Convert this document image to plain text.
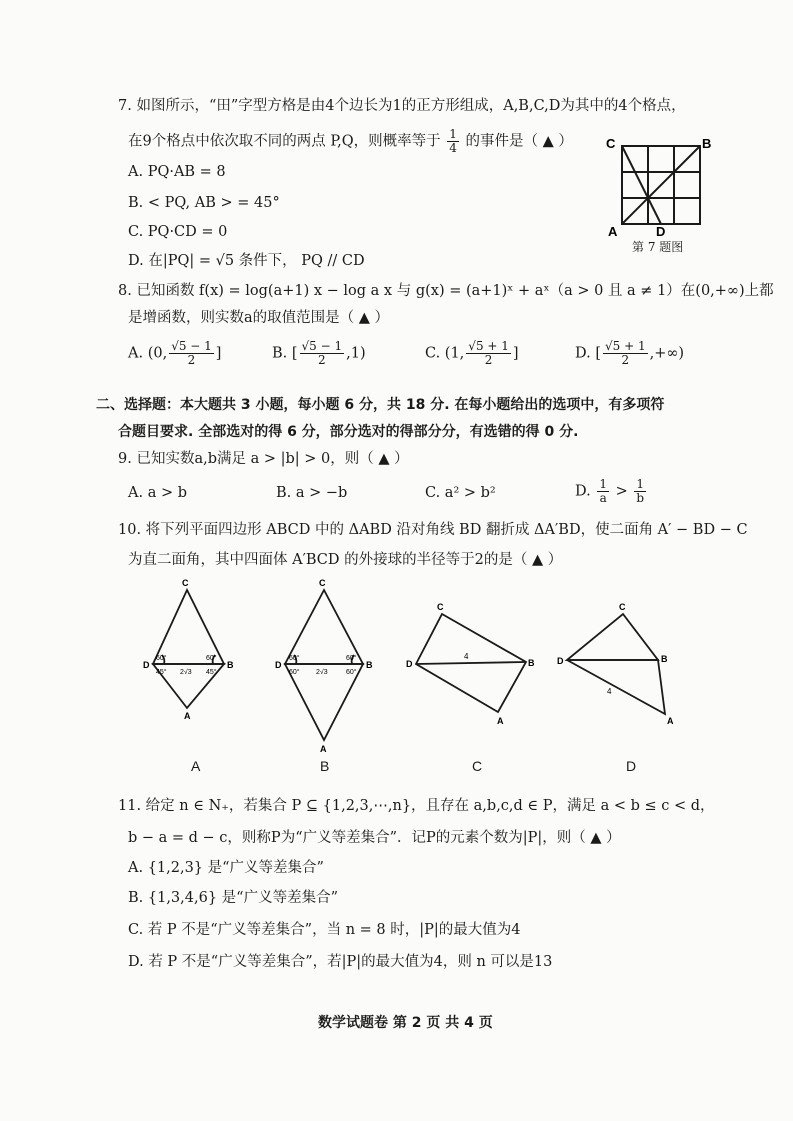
7. 如图所示，“田”字型方格是由4个边长为1的正方形组成，A,B,C,D为其中的4个格点，
在9个格点中依次取不同的两点 P,Q，则概率等于 $\frac{1}{4}$ 的事件是（ ▲ ）
A. PQ·AB = 8
B. < PQ, AB > = 45°
C. PQ·CD = 0
D. 在|PQ| = √5 条件下， PQ // CD
C	B
A	D
第 7 题图
8. 已知函数 f(x) = log(a+1) x − log a x 与 g(x) = (a+1)ˣ + aˣ（a > 0 且 a ≠ 1）在(0,+∞)上都
是增函数，则实数a的取值范围是（ ▲ ）
A. (0, $\frac{√5 - 1}{2}$ ]	B. [ $\frac{√5 - 1}{2} ,1$)	C. (1, $\frac{√5 + 1}{2}$ ]	D. [ $\frac{√5 + 1}{2}$ ,+∞)
二、选择题：本大题共 3 小题，每小题 6 分，共 18 分. 在每小题给出的选项中，有多项符
合题目要求. 全部选对的得 6 分，部分选对的得部分分，有选错的得 0 分.
9. 已知实数a,b满足 a > |b| > 0，则（ ▲ ）
A. a > b	B. a > −b	C. a² > b²	D. $\frac{1}{a} > \frac{1}{b}$
10. 将下列平面四边形 ABCD 中的 ΔABD 沿对角线 BD 翻折成 ΔA′BD，使二面角 A′ − BD − C
为直二面角，其中四面体 A′BCD 的外接球的半径等于2的是（ ▲ ）
C
D	B
A
60°	60°
45°	45°
2√3
C
D	B
A
60°	60°
60°	60°
2√3
C
D	B
A
4
C
D	B
A
4
A	B	C	D
11. 给定 n ∈ N₊，若集合 P ⊆ {1,2,3,⋯,n}，且存在 a,b,c,d ∈ P，满足 a < b ≤ c < d，
b − a = d − c，则称P为“广义等差集合”．记P的元素个数为|P|，则（ ▲ ）
A. {1,2,3} 是“广义等差集合”
B. {1,3,4,6} 是“广义等差集合”
C. 若 P 不是“广义等差集合”，当 n = 8 时，|P|的最大值为4
D. 若 P 不是“广义等差集合”，若|P|的最大值为4，则 n 可以是13
数学试题卷 第 2 页 共 4 页
